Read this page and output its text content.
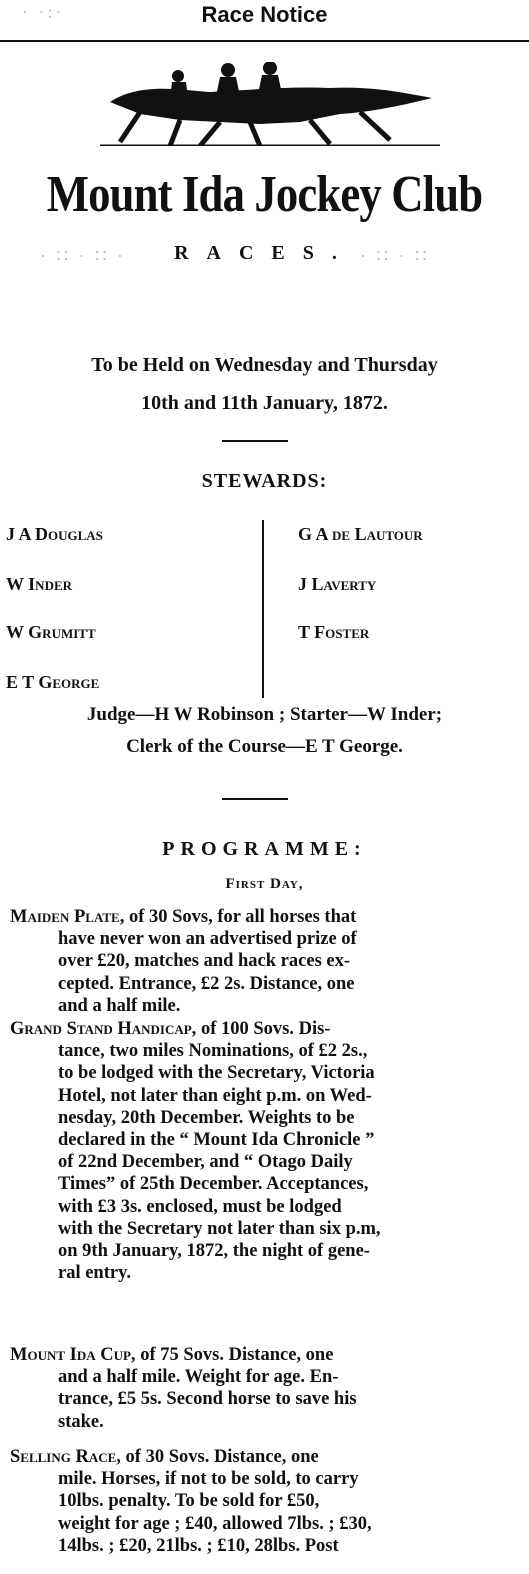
· ·:·	Race Notice
Mount Ida Jockey Club
RACES.
· ∷ · ∷ ·	· ∷ · ∷
To be Held on Wednesday and Thursday
10th and 11th January, 1872.
STEWARDS:
J A Douglas
W Inder
W Grumitt
E T George
G A de Lautour
J Laverty
T Foster
Judge—H W Robinson ; Starter—W Inder;
Clerk of the Course—E T George.
PROGRAMME:
First Day,
Maiden Plate, of 30 Sovs, for all horses that
have never won an advertised prize of
over £20, matches and hack races ex-
cepted. Entrance, £2 2s. Distance, one
and a half mile.
Grand Stand Handicap, of 100 Sovs. Dis-
tance, two miles Nominations, of £2 2s.,
to be lodged with the Secretary, Victoria
Hotel, not later than eight p.m. on Wed-
nesday, 20th December. Weights to be
declared in the “ Mount Ida Chronicle ”
of 22nd December, and “ Otago Daily
Times” of 25th December. Acceptances,
with £3 3s. enclosed, must be lodged
with the Secretary not later than six p.m,
on 9th January, 1872, the night of gene-
ral entry.
Mount Ida Cup, of 75 Sovs. Distance, one
and a half mile. Weight for age. En-
trance, £5 5s. Second horse to save his
stake.
Selling Race, of 30 Sovs. Distance, one
mile. Horses, if not to be sold, to carry
10lbs. penalty. To be sold for £50,
weight for age ; £40, allowed 7lbs. ; £30,
14lbs. ; £20, 21lbs. ; £10, 28lbs. Post
